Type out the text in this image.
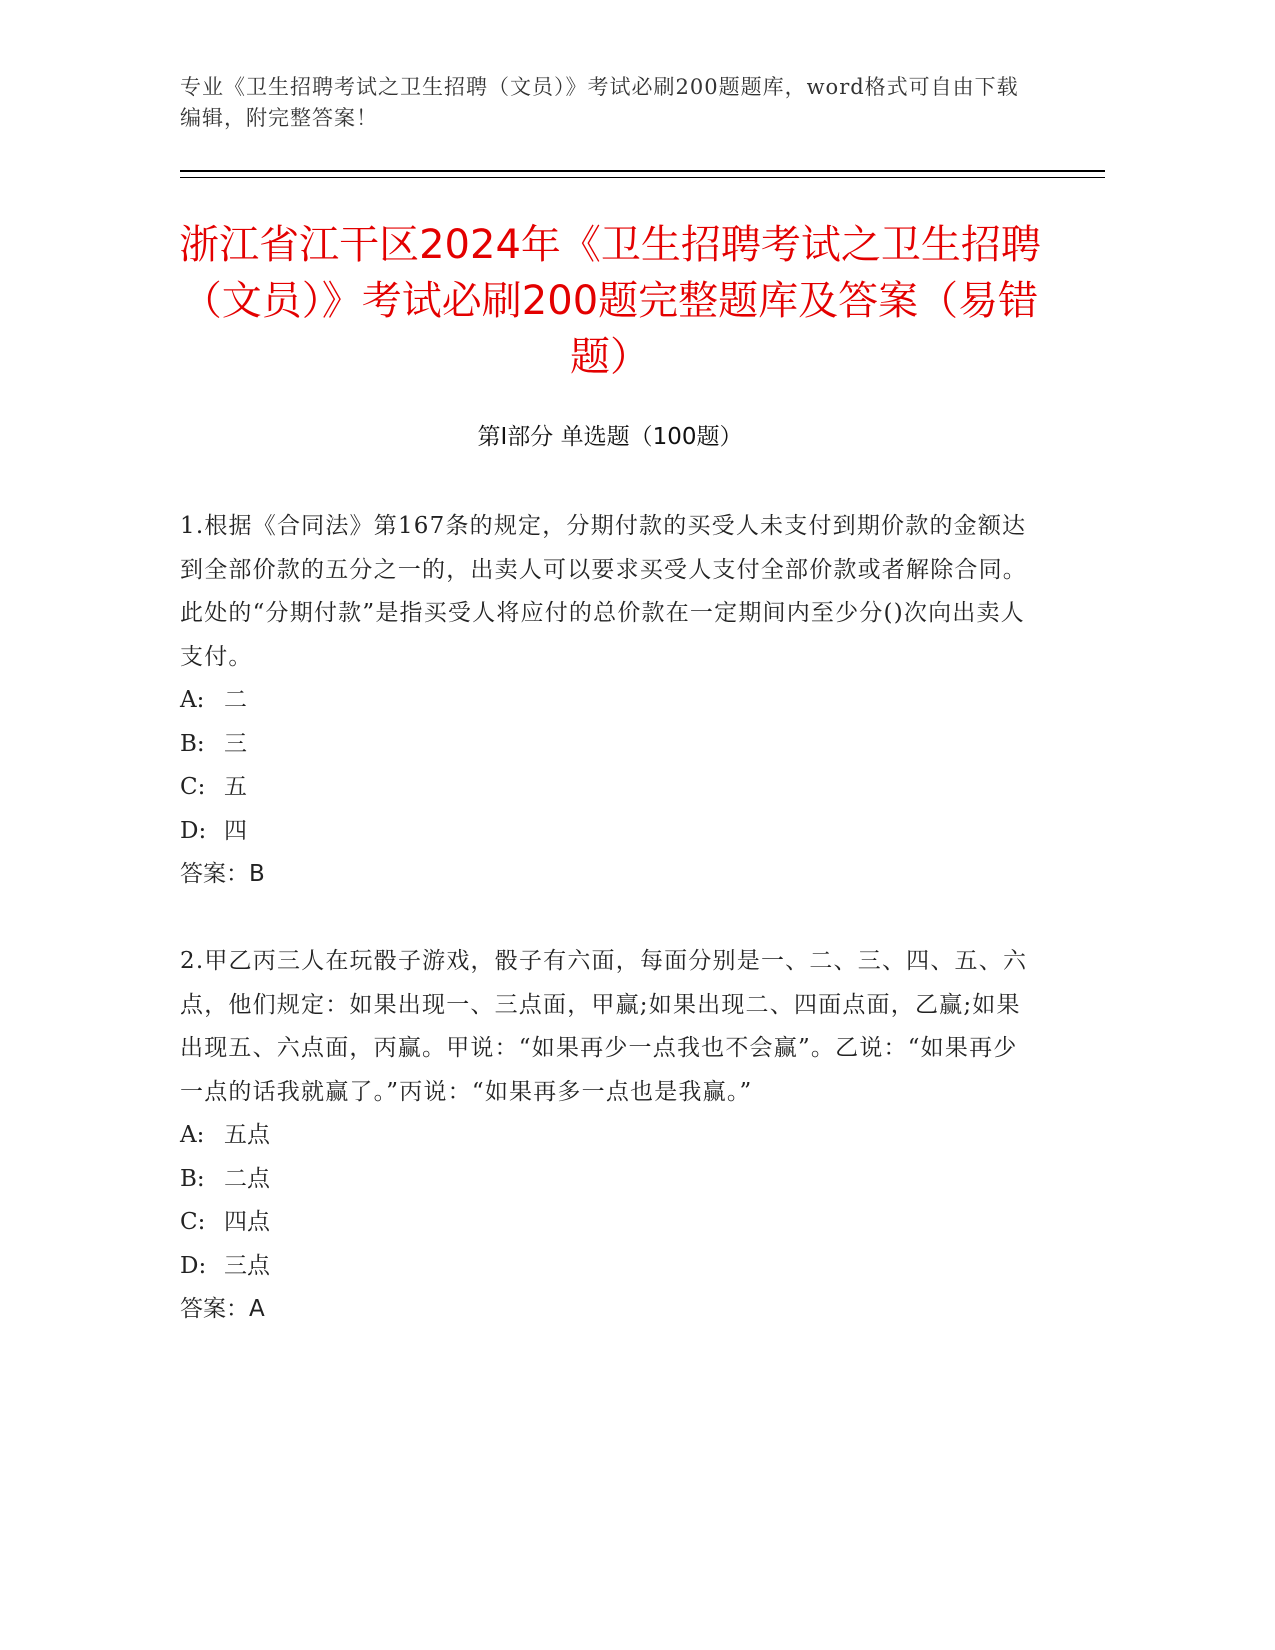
专业《卫生招聘考试之卫生招聘（文员）》考试必刷200题题库，word格式可自由下载编辑，附完整答案！
浙江省江干区2024年《卫生招聘考试之卫生招聘（文员）》考试必刷200题完整题库及答案（易错题）
第I部分 单选题（100题）

1.根据《合同法》第167条的规定，分期付款的买受人未支付到期价款的金额达到全部价款的五分之一的，出卖人可以要求买受人支付全部价款或者解除合同。此处的“分期付款”是指买受人将应付的总价款在一定期间内至少分()次向出卖人支付。

A: 二

B: 三

C: 五

D: 四

答案：B

2.甲乙丙三人在玩骰子游戏，骰子有六面，每面分别是一、二、三、四、五、六点，他们规定：如果出现一、三点面，甲赢;如果出现二、四面点面，乙赢;如果出现五、六点面，丙赢。甲说：“如果再少一点我也不会赢”。乙说：“如果再少一点的话我就赢了。”丙说：“如果再多一点也是我赢。”

A: 五点

B: 二点

C: 四点

D: 三点

答案：A
